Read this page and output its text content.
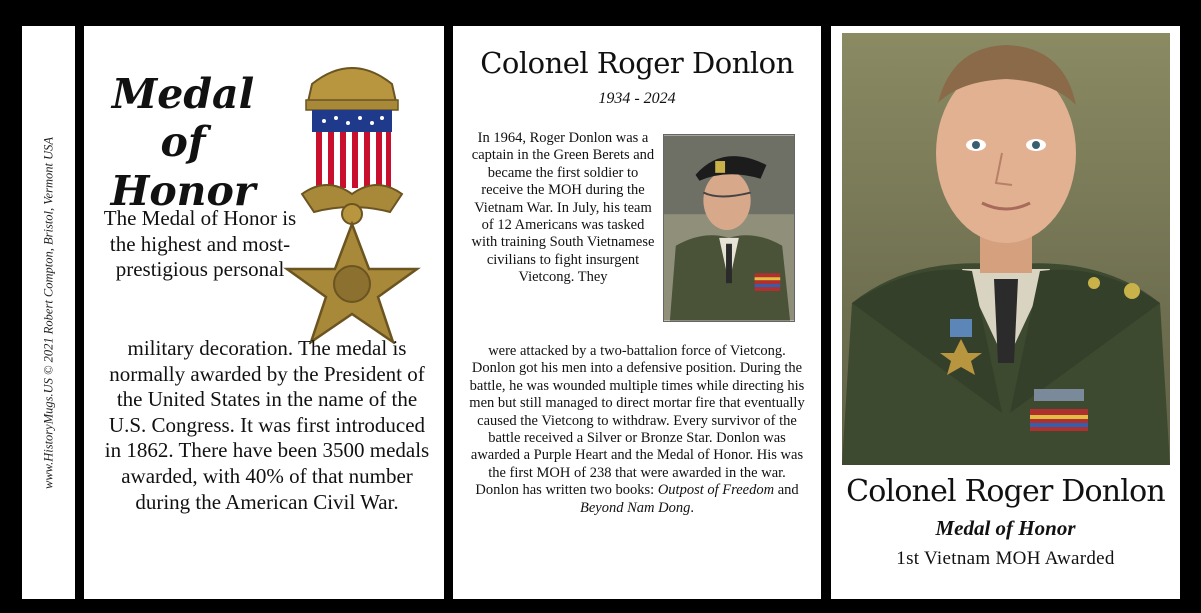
www.HistoryMugs.US © 2021 Robert Compton, Bristol, Vermont USA
Medal of
Honor
The Medal of Honor is the highest and most-prestigious personal
military decoration. The medal is normally awarded by the President of the United States in the name of the U.S. Congress. It was first introduced in 1862. There have been 3500 medals awarded, with 40% of that number during the American Civil War.
Colonel Roger Donlon
1934 - 2024
In 1964, Roger Donlon was a captain in the Green Berets and became the first soldier to receive the MOH during the Vietnam War. In July, his team of 12 Americans was tasked with training South Vietnamese civilians to fight insurgent Vietcong. They
were attacked by a two-battalion force of Vietcong. Donlon got his men into a defensive position. During the battle, he was wounded multiple times while directing his men but still managed to direct mortar fire that eventually caused the Vietcong to withdraw. Every survivor of the battle received a Silver or Bronze Star. Donlon was awarded a Purple Heart and the Medal of Honor. His was the first MOH of 238 that were awarded in the war. Donlon has written two books: Outpost of Freedom and Beyond Nam Dong.	Colonel Roger Donlon
Medal of Honor
1st Vietnam MOH Awarded
